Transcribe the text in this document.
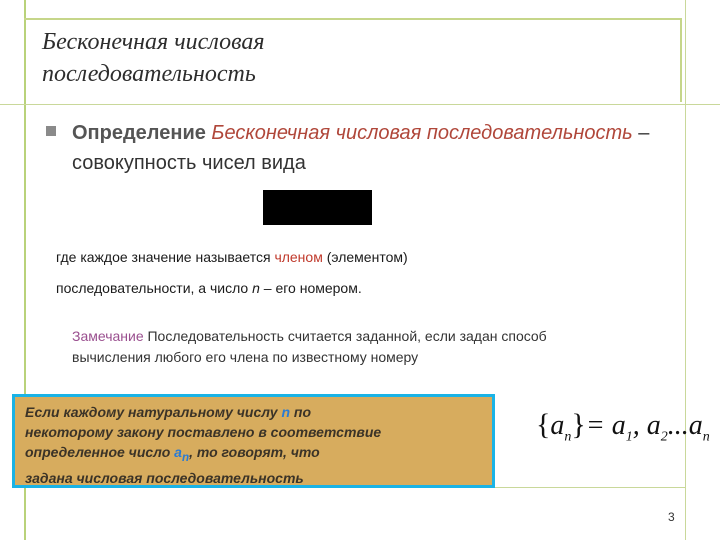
Бесконечная числовая последовательность
Определение Бесконечная числовая последовательность – совокупность чисел вида
где каждое значение называется членом (элементом)
последовательности, а число n – его номером.
Замечание Последовательность считается заданной, если задан способ
вычисления любого его члена по известному номеру
Если каждому натуральному числу n по
некоторому закону поставлено в соответствие
определенное число $a_n$, то говорят, что
задана числовая последовательность
$\{a_n\}= a_1$, $a_2...a_n$
3
